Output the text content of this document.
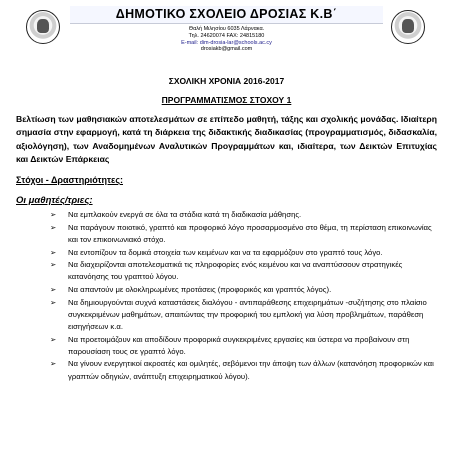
ΔΗΜΟΤΙΚΟ ΣΧΟΛΕΙΟ ΔΡΟΣΙΑΣ Κ.Β΄
Θαλή Μιλησίου 6035 Λάρνακα.
Τηλ. 24620074 FAX: 24815180
E-mail: dim-drosia-lar@schools.ac.cy
drosiakb@gmail.com
ΣΧΟΛΙΚΗ ΧΡΟΝΙΑ 2016-2017
ΠΡΟΓΡΑΜΜΑΤΙΣΜΟΣ ΣΤΟΧΟΥ 1
Βελτίωση των μαθησιακών αποτελεσμάτων σε επίπεδο μαθητή, τάξης και σχολικής μονάδας. Ιδιαίτερη σημασία στην εφαρμογή, κατά τη διάρκεια της διδακτικής διαδικασίας (προγραμματισμός, διδασκαλία, αξιολόγηση), των Αναδομημένων Αναλυτικών Προγραμμάτων και, ιδιαίτερα, των Δεικτών Επιτυχίας και Δεικτών Επάρκειας
Στόχοι - Δραστηριότητες:
Οι μαθητές/τριες:
➢ Να εμπλακούν ενεργά σε όλα τα στάδια κατά τη διαδικασία μάθησης.
➢ Να παράγουν ποιοτικό, γραπτό και προφορικό λόγο προσαρμοσμένο στο θέμα, τη περίσταση επικοινωνίας και τον επικοινωνιακό στόχο.
➢ Να εντοπίζουν τα δομικά στοιχεία των κειμένων και να τα εφαρμόζουν στο γραπτό τους λόγο.
➢ Να διαχειρίζονται αποτελεσματικά τις πληροφορίες ενός κειμένου και να αναπτύσσουν στρατηγικές κατανόησης του γραπτού λόγου.
➢ Να απαντούν με ολοκληρωμένες προτάσεις (προφορικός και γραπτός λόγος).
➢ Να δημιουργούνται συχνά καταστάσεις διαλόγου - αντιπαράθεσης επιχειρημάτων -συζήτησης στο πλαίσιο συγκεκριμένων μαθημάτων, απαιτώντας την προφορική του εμπλοκή για λύση προβλημάτων, παράθεση εισηγήσεων κ.α.
➢ Να προετοιμάζουν και αποδίδουν προφορικά συγκεκριμένες εργασίες και ύστερα να προβαίνουν στη παρουσίαση τους σε γραπτό λόγο.
➢ Να γίνουν ενεργητικοί ακροατές και ομιλητές, σεβόμενοι την άποψη των άλλων (κατανόηση προφορικών και γραπτών οδηγιών, ανάπτυξη επιχειρηματικού λόγου).
